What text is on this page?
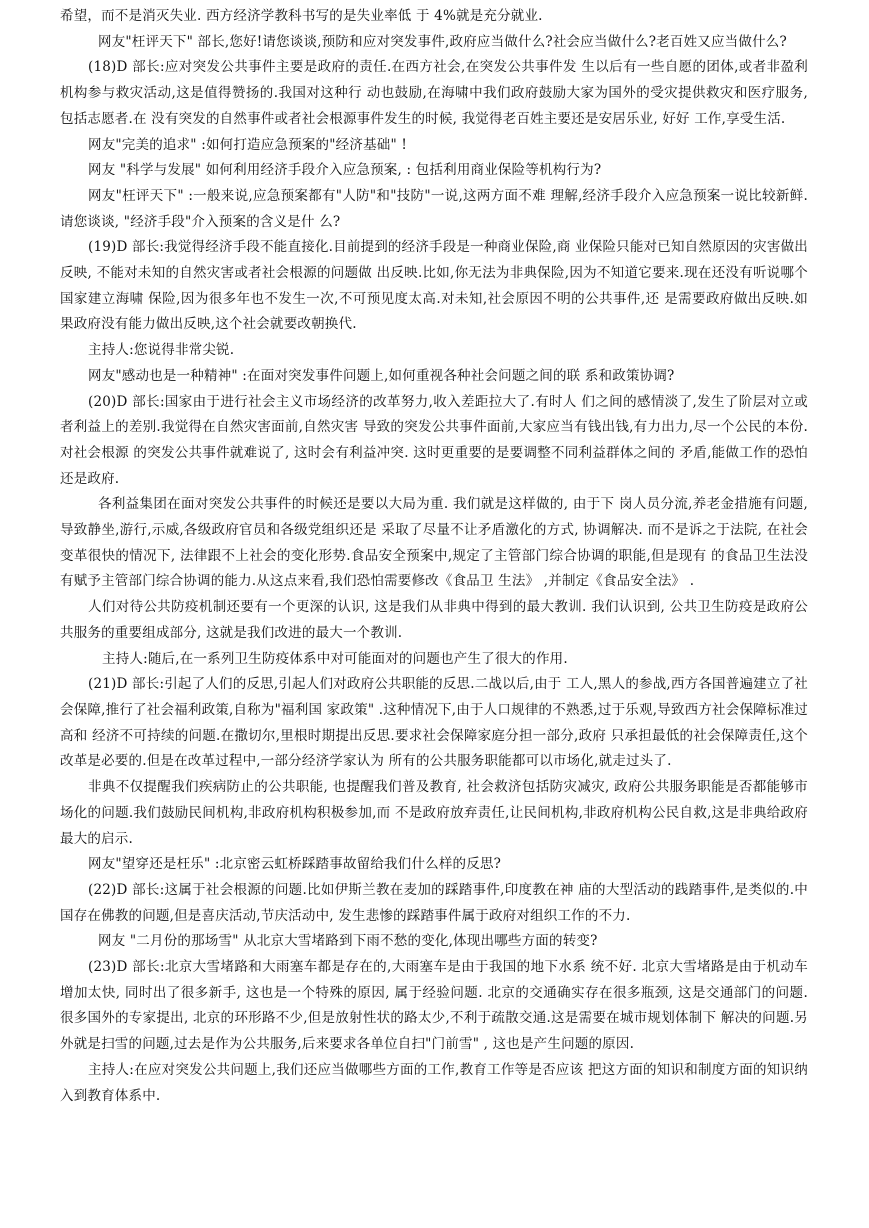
希望，而不是消灭失业. 西方经济学教科书写的是失业率低 于 4%就是充分就业.

网友"枉评天下" 部长,您好!请您谈谈,预防和应对突发事件,政府应当做什么?社会应当做什么?老百姓又应当做什么?

(18)D 部长:应对突发公共事件主要是政府的责任.在西方社会,在突发公共事件发 生以后有一些自愿的团体,或者非盈利机构参与救灾活动,这是值得赞扬的.我国对这种行 动也鼓励,在海啸中我们政府鼓励大家为国外的受灾提供救灾和医疗服务,包括志愿者.在 没有突发的自然事件或者社会根源事件发生的时候, 我觉得老百姓主要还是安居乐业, 好好 工作,享受生活.

网友"完美的追求" :如何打造应急预案的"经济基础" !

网友 "科学与发展" 如何利用经济手段介入应急预案, : 包括利用商业保险等机构行为?

网友"枉评天下" :一般来说,应急预案都有"人防"和"技防"一说,这两方面不难 理解,经济手段介入应急预案一说比较新鲜.请您谈谈, "经济手段"介入预案的含义是什 么?

(19)D 部长:我觉得经济手段不能直接化.目前提到的经济手段是一种商业保险,商 业保险只能对已知自然原因的灾害做出反映, 不能对未知的自然灾害或者社会根源的问题做 出反映.比如,你无法为非典保险,因为不知道它要来.现在还没有听说哪个国家建立海啸 保险,因为很多年也不发生一次,不可预见度太高.对未知,社会原因不明的公共事件,还 是需要政府做出反映.如果政府没有能力做出反映,这个社会就要改朝换代.

主持人:您说得非常尖锐.

网友"感动也是一种精神" :在面对突发事件问题上,如何重视各种社会问题之间的联 系和政策协调?

(20)D 部长:国家由于进行社会主义市场经济的改革努力,收入差距拉大了.有时人 们之间的感情淡了,发生了阶层对立或者利益上的差别.我觉得在自然灾害面前,自然灾害 导致的突发公共事件面前,大家应当有钱出钱,有力出力,尽一个公民的本份.对社会根源 的突发公共事件就难说了, 这时会有利益冲突. 这时更重要的是要调整不同利益群体之间的 矛盾,能做工作的恐怕还是政府.

各利益集团在面对突发公共事件的时候还是要以大局为重. 我们就是这样做的, 由于下 岗人员分流,养老金措施有问题,导致静坐,游行,示威,各级政府官员和各级党组织还是 采取了尽量不让矛盾激化的方式, 协调解决. 而不是诉之于法院, 在社会变革很快的情况下, 法律跟不上社会的变化形势.食品安全预案中,规定了主管部门综合协调的职能,但是现有 的食品卫生法没有赋予主管部门综合协调的能力.从这点来看,我们恐怕需要修改《食品卫 生法》 ,并制定《食品安全法》 .

人们对待公共防疫机制还要有一个更深的认识, 这是我们从非典中得到的最大教训. 我们认识到, 公共卫生防疫是政府公共服务的重要组成部分, 这就是我们改进的最大一个教训.

主持人:随后,在一系列卫生防疫体系中对可能面对的问题也产生了很大的作用.

(21)D 部长:引起了人们的反思,引起人们对政府公共职能的反思.二战以后,由于 工人,黑人的参战,西方各国普遍建立了社会保障,推行了社会福利政策,自称为"福利国 家政策" .这种情况下,由于人口规律的不熟悉,过于乐观,导致西方社会保障标准过高和 经济不可持续的问题.在撒切尔,里根时期提出反思.要求社会保障家庭分担一部分,政府 只承担最低的社会保障责任,这个改革是必要的.但是在改革过程中,一部分经济学家认为 所有的公共服务职能都可以市场化,就走过头了.

非典不仅提醒我们疾病防止的公共职能, 也提醒我们普及教育, 社会救济包括防灾减灾, 政府公共服务职能是否都能够市场化的问题.我们鼓励民间机构,非政府机构积极参加,而 不是政府放弃责任,让民间机构,非政府机构公民自救,这是非典给政府最大的启示.

网友"望穿还是枉乐" :北京密云虹桥踩踏事故留给我们什么样的反思?

(22)D 部长:这属于社会根源的问题.比如伊斯兰教在麦加的踩踏事件,印度教在神 庙的大型活动的践踏事件,是类似的.中国存在佛教的问题,但是喜庆活动,节庆活动中, 发生悲惨的踩踏事件属于政府对组织工作的不力.

网友 "二月份的那场雪" 从北京大雪堵路到下雨不愁的变化,体现出哪些方面的转变?

(23)D 部长:北京大雪堵路和大雨塞车都是存在的,大雨塞车是由于我国的地下水系 统不好. 北京大雪堵路是由于机动车增加太快, 同时出了很多新手, 这也是一个特殊的原因, 属于经验问题. 北京的交通确实存在很多瓶颈, 这是交通部门的问题. 很多国外的专家提出, 北京的环形路不少,但是放射性状的路太少,不利于疏散交通.这是需要在城市规划体制下 解决的问题.另外就是扫雪的问题,过去是作为公共服务,后来要求各单位自扫"门前雪" , 这也是产生问题的原因.

主持人:在应对突发公共问题上,我们还应当做哪些方面的工作,教育工作等是否应该 把这方面的知识和制度方面的知识纳入到教育体系中.
